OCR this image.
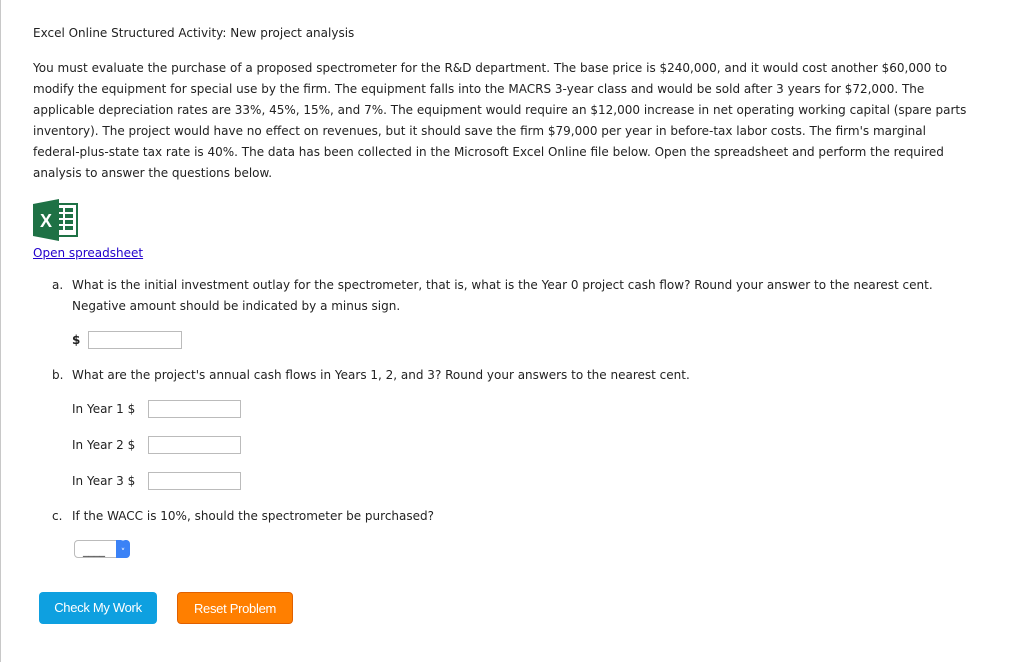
Excel Online Structured Activity: New project analysis
You must evaluate the purchase of a proposed spectrometer for the R&D department. The base price is $240,000, and it would cost another $60,000 to modify the equipment for special use by the firm. The equipment falls into the MACRS 3-year class and would be sold after 3 years for $72,000. The applicable depreciation rates are 33%, 45%, 15%, and 7%. The equipment would require an $12,000 increase in net operating working capital (spare parts inventory). The project would have no effect on revenues, but it should save the firm $79,000 per year in before-tax labor costs. The firm's marginal federal-plus-state tax rate is 40%. The data has been collected in the Microsoft Excel Online file below. Open the spreadsheet and perform the required analysis to answer the questions below.
X
Open spreadsheet
a. What is the initial investment outlay for the spectrometer, that is, what is the Year 0 project cash flow? Round your answer to the nearest cent. Negative amount should be indicated by a minus sign.
$
b. What are the project's annual cash flows in Years 1, 2, and 3? Round your answers to the nearest cent.
In Year 1 $
In Year 2 $
In Year 3 $
c. If the WACC is 10%, should the spectrometer be purchased?
____	˄
˅
Check My Work	Reset Problem
